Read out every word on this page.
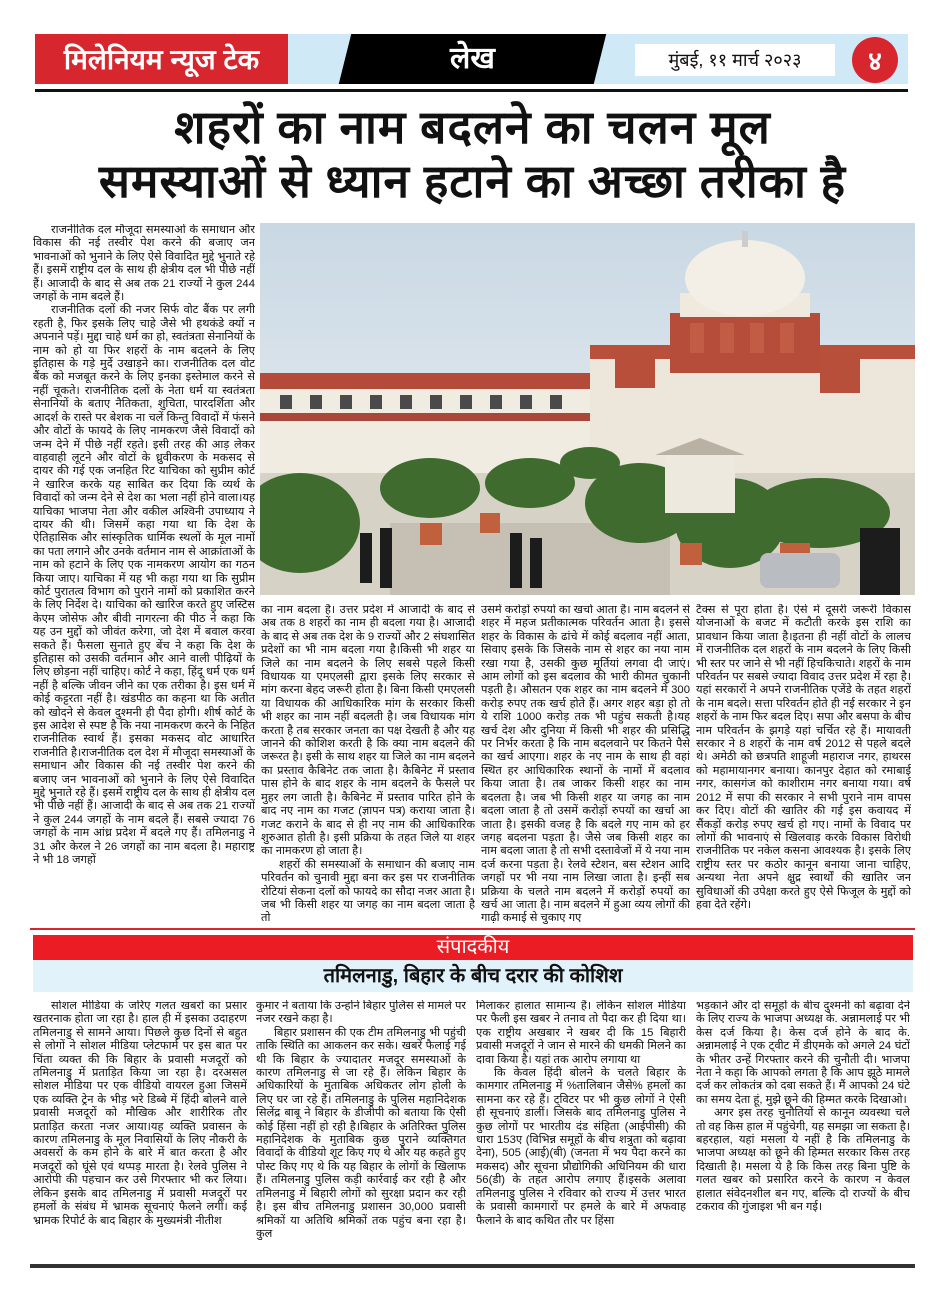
मिलेनियम न्यूज टेक	लेख	मुंबई, ११ मार्च २०२३	४
शहरों का नाम बदलने का चलन मूल
समस्याओं से ध्यान हटाने का अच्छा तरीका है

राजनीतिक दल मौजूदा समस्याओं के समाधान और विकास की नई तस्वीर पेश करने की बजाए जन भावनाओं को भुनाने के लिए ऐसे विवादित मुद्दे भुनाते रहे हैं। इसमें राष्ट्रीय दल के साथ ही क्षेत्रीय दल भी पीछे नहीं हैं। आजादी के बाद से अब तक 21 राज्यों ने कुल 244 जगहों के नाम बदले हैं।

राजनीतिक दलों की नजर सिर्फ वोट बैंक पर लगी रहती है, फिर इसके लिए चाहे जैसे भी हथकंडे क्यों न अपनाने पड़ें। मुद्दा चाहे धर्म का हो, स्वतंत्रता सेनानियों के नाम को हो या फिर शहरों के नाम बदलने के लिए इतिहास के गड़े मुर्दे उखाड़ने का। राजनीतिक दल वोट बैंक को मजबूत करने के लिए इनका इस्तेमाल करने से नहीं चूकते। राजनीतिक दलों के नेता धर्म या स्वतंत्रता सेनानियों के बताए नैतिकता, शुचिता, पारदर्शिता और आदर्श के रास्ते पर बेशक ना चलें किन्तु विवादों में फंसने और वोटों के फायदे के लिए नामकरण जैसे विवादों को जन्म देने में पीछे नहीं रहते। इसी तरह की आड़ लेकर वाहवाही लूटने और वोटों के ध्रुवीकरण के मकसद से दायर की गई एक जनहित रिट याचिका को सुप्रीम कोर्ट ने खारिज करके यह साबित कर दिया कि व्यर्थ के विवादों को जन्म देने से देश का भला नहीं होने वाला।यह याचिका भाजपा नेता और वकील अश्विनी उपाध्याय ने दायर की थी। जिसमें कहा गया था कि देश के ऐतिहासिक और सांस्कृतिक धार्मिक स्थलों के मूल नामों का पता लगाने और उनके वर्तमान नाम से आक्रांताओं के नाम को हटाने के लिए एक नामकरण आयोग का गठन किया जाए। याचिका में यह भी कहा गया था कि सुप्रीम कोर्ट पुरातत्व विभाग को पुराने नामों को प्रकाशित करने के लिए निर्देश दे। याचिका को खारिज करते हुए जस्टिस केएम जोसेफ और बीवी नागरत्ना की पीठ ने कहा कि यह उन मुद्दों को जीवंत करेगा, जो देश में बवाल करवा सकते हैं। फैसला सुनाते हुए बेंच ने कहा कि देश के इतिहास को उसकी वर्तमान और आने वाली पीढ़ियों के लिए छोड़ना नहीं चाहिए। कोर्ट ने कहा, हिंदू धर्म एक धर्म नहीं है बल्कि जीवन जीने का एक तरीका है। इस धर्म में कोई कट्टरता नहीं है। खंडपीठ का कहना था कि अतीत को खोदने से केवल दुश्मनी ही पैदा होगी। शीर्ष कोर्ट के इस आदेश से स्पष्ट है कि नया नामकरण करने के निहित राजनीतिक स्वार्थ हैं। इसका मकसद वोट आधारित राजनीति है।राजनीतिक दल देश में मौजूदा समस्याओं के समाधान और विकास की नई तस्वीर पेश करने की बजाए जन भावनाओं को भुनाने के लिए ऐसे विवादित मुद्दे भुनाते रहे हैं। इसमें राष्ट्रीय दल के साथ ही क्षेत्रीय दल भी पीछे नहीं हैं। आजादी के बाद से अब तक 21 राज्यों ने कुल 244 जगहों के नाम बदले हैं। सबसे ज्यादा 76 जगहों के नाम आंध्र प्रदेश में बदले गए हैं। तमिलनाडु ने 31 और केरल ने 26 जगहों का नाम बदला है। महाराष्ट्र ने भी 18 जगहों

का नाम बदला है। उत्तर प्रदेश में आजादी के बाद से अब तक 8 शहरों का नाम ही बदला गया है। आजादी के बाद से अब तक देश के 9 राज्यों और 2 संघशासित प्रदेशों का भी नाम बदला गया है।किसी भी शहर या जिले का नाम बदलने के लिए सबसे पहले किसी विधायक या एमएलसी द्वारा इसके लिए सरकार से मांग करना बेहद जरूरी होता है। बिना किसी एमएलसी या विधायक की आधिकारिक मांग के सरकार किसी भी शहर का नाम नहीं बदलती है। जब विधायक मांग करता है तब सरकार जनता का पक्ष देखती है और यह जानने की कोशिश करती है कि क्या नाम बदलने की जरूरत है। इसी के साथ शहर या जिले का नाम बदलने का प्रस्ताव कैबिनेट तक जाता है। कैबिनेट में प्रस्ताव पास होने के बाद शहर के नाम बदलने के फैसले पर मुहर लग जाती है। कैबिनेट में प्रस्ताव पारित होने के बाद नए नाम का गजट (ज्ञापन पत्र) कराया जाता है। गजट कराने के बाद से ही नए नाम की आधिकारिक शुरुआत होती है। इसी प्रक्रिया के तहत जिले या शहर का नामकरण हो जाता है।

शहरों की समस्याओं के समाधान की बजाए नाम परिवर्तन को चुनावी मुद्दा बना कर इस पर राजनीतिक रोटियां सेकना दलों को फायदे का सौदा नजर आता है। जब भी किसी शहर या जगह का नाम बदला जाता है तो

उसमें करोड़ों रुपयों का खर्चा आता है। नाम बदलने से शहर में महज प्रतीकात्मक परिवर्तन आता है। इससे शहर के विकास के ढांचे में कोई बदलाव नहीं आता, सिवाए इसके कि जिसके नाम से शहर का नया नाम रखा गया है, उसकी कुछ मूर्तियां लगवा दी जाएं। आम लोगों को इस बदलाव की भारी कीमत चुकानी पड़ती है। औसतन एक शहर का नाम बदलने में 300 करोड़ रुपए तक खर्च होते हैं। अगर शहर बड़ा हो तो ये राशि 1000 करोड़ तक भी पहुंच सकती है।यह खर्च देश और दुनिया में किसी भी शहर की प्रसिद्धि पर निर्भर करता है कि नाम बदलवाने पर कितने पैसे का खर्च आएगा। शहर के नए नाम के साथ ही वहां स्थित हर आधिकारिक स्थानों के नामों में बदलाव किया जाता है। तब जाकर किसी शहर का नाम बदलता है। जब भी किसी शहर या जगह का नाम बदला जाता है तो उसमें करोड़ों रुपयों का खर्चा आ जाता है। इसकी वजह है कि बदले गए नाम को हर जगह बदलना पड़ता है। जैसे जब किसी शहर का नाम बदला जाता है तो सभी दस्तावेजों में ये नया नाम दर्ज करना पड़ता है। रेलवे स्टेशन, बस स्टेशन आदि जगहों पर भी नया नाम लिखा जाता है। इन्हीं सब प्रक्रिया के चलते नाम बदलने में करोड़ों रुपयों का खर्च आ जाता है। नाम बदलने में हुआ व्यय लोगों की गाढ़ी कमाई से चुकाए गए

टैक्स से पूरा होता है। ऐसे में दूसरी जरूरी विकास योजनाओं के बजट में कटौती करके इस राशि का प्रावधान किया जाता है।इतना ही नहीं वोटों के लालच में राजनीतिक दल शहरों के नाम बदलने के लिए किसी भी स्तर पर जाने से भी नहीं हिचकिचाते। शहरों के नाम परिवर्तन पर सबसे ज्यादा विवाद उत्तर प्रदेश में रहा है। यहां सरकारों ने अपने राजनीतिक एजेंडे के तहत शहरों के नाम बदले। सत्ता परिवर्तन होते ही नई सरकार ने इन शहरों के नाम फिर बदल दिए। सपा और बसपा के बीच नाम परिवर्तन के झगड़े यहां चर्चित रहे हैं। मायावती सरकार ने 8 शहरों के नाम वर्ष 2012 से पहले बदले थे। अमेठी को छत्रपति शाहूजी महाराज नगर, हाथरस को महामायानगर बनाया। कानपुर देहात को रमाबाई नगर, कासगंज को काशीराम नगर बनाया गया। वर्ष 2012 में सपा की सरकार ने सभी पुराने नाम वापस कर दिए। वोटों की खातिर की गई इस कवायद में सैंकड़ों करोड़ रुपए खर्च हो गए। नामों के विवाद पर लोगों की भावनाएं से खिलवाड़ करके विकास विरोधी राजनीतिक पर नकेल कसना आवश्यक है। इसके लिए राष्ट्रीय स्तर पर कठोर कानून बनाया जाना चाहिए, अन्यथा नेता अपने क्षुद्र स्वार्थों की खातिर जन सुविधाओं की उपेक्षा करते हुए ऐसे फिजूल के मुद्दों को हवा देते रहेंगे।

संपादकीय
तमिलनाडु, बिहार के बीच दरार की कोशिश

सोशल मीडिया के जरिए गलत खबरों का प्रसार खतरनाक होता जा रहा है। हाल ही में इसका उदाहरण तमिलनाडु से सामने आया। पिछले कुछ दिनों से बहुत से लोगों ने सोशल मीडिया प्लेटफार्म पर इस बात पर चिंता व्यक्त की कि बिहार के प्रवासी मजदूरों को तमिलनाडु में प्रताड़ित किया जा रहा है। दरअसल सोशल मीडिया पर एक वीडियो वायरल हुआ जिसमें एक व्यक्ति ट्रेन के भीड़ भरे डिब्बे में हिंदी बोलने वाले प्रवासी मजदूरों को मौखिक और शारीरिक तौर प्रताड़ित करता नजर आया।यह व्यक्ति प्रवासन के कारण तमिलनाडु के मूल निवासियों के लिए नौकरी के अवसरों के कम होने के बारे में बात करता है और मजदूरों को घूंसे एवं थप्पड़ मारता है। रेलवे पुलिस ने आरोपी की पहचान कर उसे गिरफ्तार भी कर लिया। लेकिन इसके बाद तमिलनाडु में प्रवासी मजदूरों पर हमलों के संबंध में भ्रामक सूचनाएं फैलने लगीं। कई भ्रामक रिपोर्ट के बाद बिहार के मुख्यमंत्री नीतीश

कुमार ने बताया कि उन्होंने बिहार पुलिस से मामले पर नजर रखने कहा है।

बिहार प्रशासन की एक टीम तमिलनाडु भी पहुंची ताकि स्थिति का आकलन कर सके। खबरें फैलाई गई थी कि बिहार के ज्यादातर मजदूर समस्याओं के कारण तमिलनाडु से जा रहे हैं। लेकिन बिहार के अधिकारियों के मुताबिक अधिकतर लोग होली के लिए घर जा रहे हैं। तमिलनाडु के पुलिस महानिदेशक सिलेंद्र बाबू ने बिहार के डीजीपी को बताया कि ऐसी कोई हिंसा नहीं हो रही है।बिहार के अतिरिक्त पुलिस महानिदेशक के मुताबिक कुछ पुराने व्यक्तिगत विवादों के वीडियो शूट किए गए थे और यह कहते हुए पोस्ट किए गए थे कि यह बिहार के लोगों के खिलाफ हैं। तमिलनाडु पुलिस कड़ी कार्रवाई कर रही है और तमिलनाडु में बिहारी लोगों को सुरक्षा प्रदान कर रही है। इस बीच तमिलनाडु प्रशासन 30,000 प्रवासी श्रमिकों या अतिथि श्रमिकों तक पहुंच बना रहा है। कुल

मिलाकर हालात सामान्य हैं। लेकिन सोशल मीडिया पर फैली इस खबर ने तनाव तो पैदा कर ही दिया था।एक राष्ट्रीय अखबार ने खबर दी कि 15 बिहारी प्रवासी मजदूरों ने जान से मारने की धमकी मिलने का दावा किया है। यहां तक आरोप लगाया था

कि केवल हिंदी बोलने के चलते बिहार के कामगार तमिलनाडु में %तालिबान जैसे% हमलों का सामना कर रहे हैं। ट्विटर पर भी कुछ लोगों ने ऐसी ही सूचनाएं डालीं। जिसके बाद तमिलनाडु पुलिस ने कुछ लोगों पर भारतीय दंड संहिता (आईपीसी) की धारा 153ए (विभिन्न समूहों के बीच शत्रुता को बढ़ावा देना), 505 (आई)(बी) (जनता में भय पैदा करने का मकसद) और सूचना प्रौद्योगिकी अधिनियम की धारा 56(डी) के तहत आरोप लगाए हैं।इसके अलावा तमिलनाडु पुलिस ने रविवार को राज्य में उत्तर भारत के प्रवासी कामगारों पर हमले के बारे में अफवाह फैलाने के बाद कथित तौर पर हिंसा

भड़काने और दो समूहों के बीच दुश्मनी को बढ़ावा देने के लिए राज्य के भाजपा अध्यक्ष के. अन्नामलाई पर भी केस दर्ज किया है। केस दर्ज होने के बाद के. अन्नामलाई ने एक ट्वीट में डीएमके को अगले 24 घंटों के भीतर उन्हें गिरफ्तार करने की चुनौती दी। भाजपा नेता ने कहा कि आपको लगता है कि आप झूठे मामले दर्ज कर लोकतंत्र को दबा सकते हैं। मैं आपको 24 घंटे का समय देता हूं, मुझे छूने की हिम्मत करके दिखाओ।

अगर इस तरह चुनौतियों से कानून व्यवस्था चले तो वह किस हाल में पहुंचेगी, यह समझा जा सकता है। बहरहाल, यहां मसला ये नहीं है कि तमिलनाडु के भाजपा अध्यक्ष को छूने की हिम्मत सरकार किस तरह दिखाती है। मसला ये है कि किस तरह बिना पुष्टि के गलत खबर को प्रसारित करने के कारण न केवल हालात संवेदनशील बन गए, बल्कि दो राज्यों के बीच टकराव की गुंजाइश भी बन गई।
